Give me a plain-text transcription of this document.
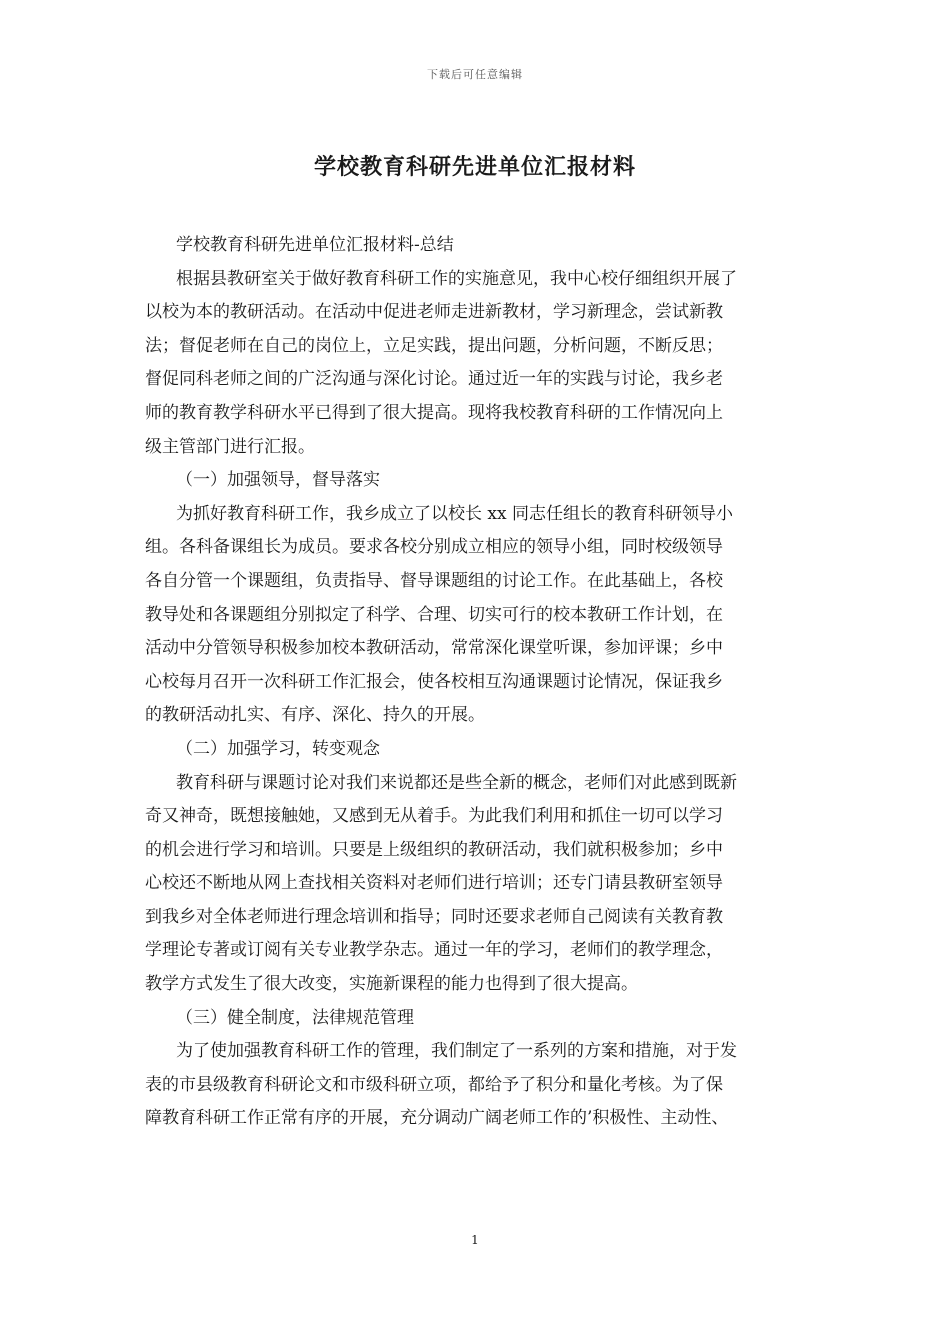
下载后可任意编辑
学校教育科研先进单位汇报材料
学校教育科研先进单位汇报材料-总结
根据县教研室关于做好教育科研工作的实施意见，我中心校仔细组织开展了
以校为本的教研活动。在活动中促进老师走进新教材，学习新理念，尝试新教
法；督促老师在自己的岗位上，立足实践，提出问题，分析问题，不断反思；
督促同科老师之间的广泛沟通与深化讨论。通过近一年的实践与讨论，我乡老
师的教育教学科研水平已得到了很大提高。现将我校教育科研的工作情况向上
级主管部门进行汇报。
（一）加强领导，督导落实
为抓好教育科研工作，我乡成立了以校长 xx 同志任组长的教育科研领导小
组。各科备课组长为成员。要求各校分别成立相应的领导小组，同时校级领导
各自分管一个课题组，负责指导、督导课题组的讨论工作。在此基础上，各校
教导处和各课题组分别拟定了科学、合理、切实可行的校本教研工作计划，在
活动中分管领导积极参加校本教研活动，常常深化课堂听课，参加评课；乡中
心校每月召开一次科研工作汇报会，使各校相互沟通课题讨论情况，保证我乡
的教研活动扎实、有序、深化、持久的开展。
（二）加强学习，转变观念
教育科研与课题讨论对我们来说都还是些全新的概念，老师们对此感到既新
奇又神奇，既想接触她，又感到无从着手。为此我们利用和抓住一切可以学习
的机会进行学习和培训。只要是上级组织的教研活动，我们就积极参加；乡中
心校还不断地从网上查找相关资料对老师们进行培训；还专门请县教研室领导
到我乡对全体老师进行理念培训和指导；同时还要求老师自己阅读有关教育教
学理论专著或订阅有关专业教学杂志。通过一年的学习，老师们的教学理念，
教学方式发生了很大改变，实施新课程的能力也得到了很大提高。
（三）健全制度，法律规范管理
为了使加强教育科研工作的管理，我们制定了一系列的方案和措施，对于发
表的市县级教育科研论文和市级科研立项，都给予了积分和量化考核。为了保
障教育科研工作正常有序的开展，充分调动广阔老师工作的’积极性、主动性、
1
